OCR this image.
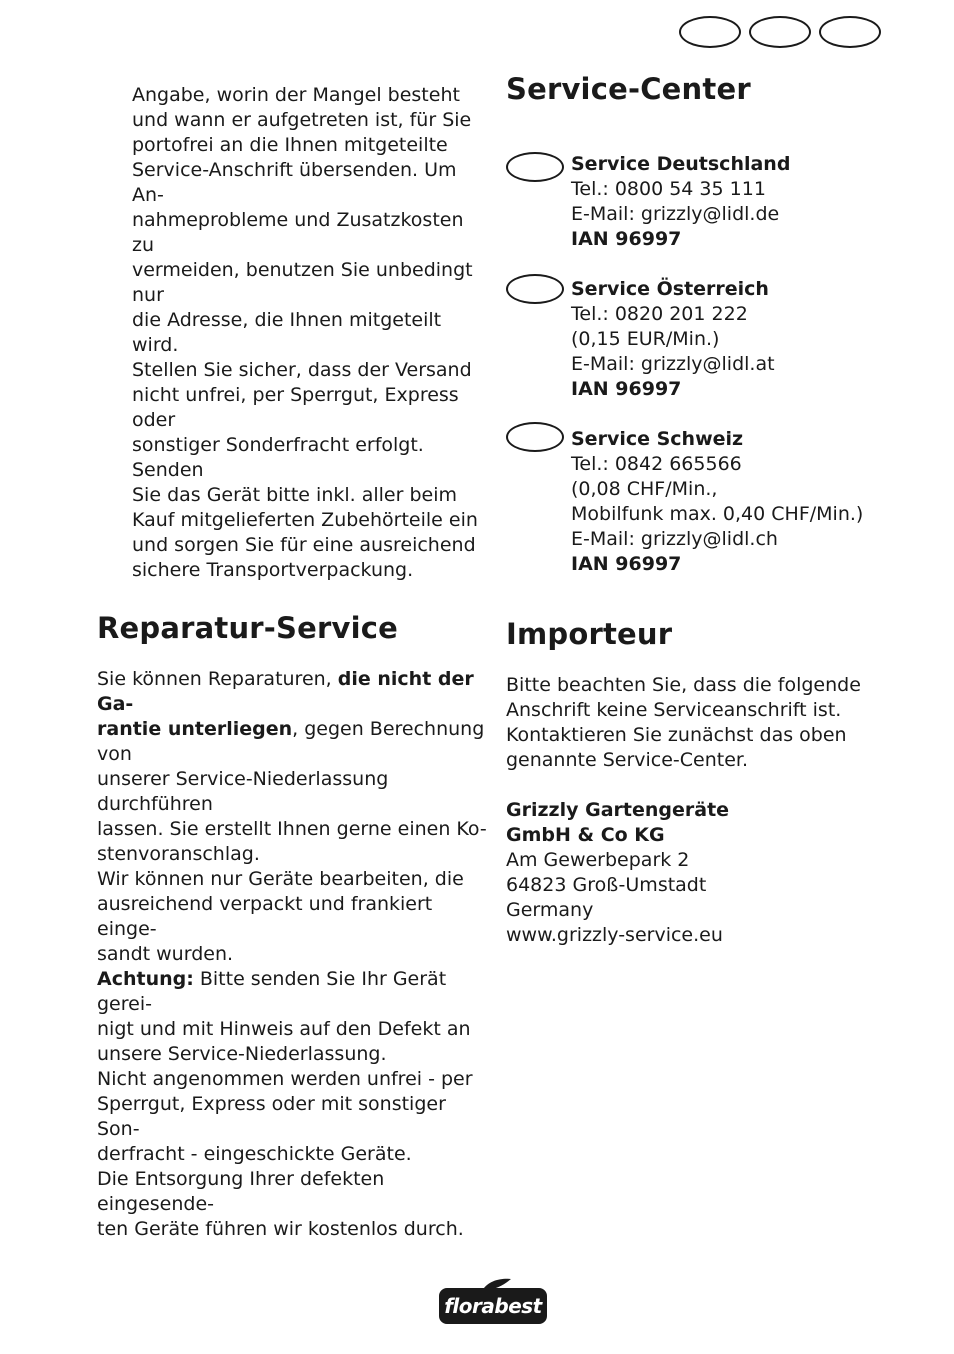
Angabe, worin der Mangel besteht
und wann er aufgetreten ist, für Sie
portofrei an die Ihnen mitgeteilte
Service-Anschrift übersenden. Um An-
nahmeprobleme und Zusatzkosten zu
vermeiden, benutzen Sie unbedingt nur
die Adresse, die Ihnen mitgeteilt wird.
Stellen Sie sicher, dass der Versand
nicht unfrei, per Sperrgut, Express oder
sonstiger Sonderfracht erfolgt. Senden
Sie das Gerät bitte inkl. aller beim
Kauf mitgelieferten Zubehörteile ein
und sorgen Sie für eine ausreichend
sichere Transportverpackung.

Reparatur-Service

Sie können Reparaturen, die nicht der Ga-
rantie unterliegen, gegen Berechnung von
unserer Service-Niederlassung durchführen
lassen. Sie erstellt Ihnen gerne einen Ko-
stenvoranschlag.
Wir können nur Geräte bearbeiten, die
ausreichend verpackt und frankiert einge-
sandt wurden.
Achtung: Bitte senden Sie Ihr Gerät gerei-
nigt und mit Hinweis auf den Defekt an
unsere Service-Niederlassung.
Nicht angenommen werden unfrei - per
Sperrgut, Express oder mit sonstiger Son-
derfracht - eingeschickte Geräte.
Die Entsorgung Ihrer defekten eingesende-
ten Geräte führen wir kostenlos durch.

Service-Center

Service Deutschland
Tel.: 0800 54 35 111
E-Mail: grizzly@lidl.de
IAN 96997

Service Österreich
Tel.: 0820 201 222
(0,15 EUR/Min.)
E-Mail: grizzly@lidl.at
IAN 96997

Service Schweiz
Tel.: 0842 665566
(0,08 CHF/Min.,
Mobilfunk max. 0,40 CHF/Min.)
E-Mail: grizzly@lidl.ch
IAN 96997

Importeur

Bitte beachten Sie, dass die folgende
Anschrift keine Serviceanschrift ist.
Kontaktieren Sie zunächst das oben
genannte Service-Center.

Grizzly Gartengeräte
GmbH & Co KG
Am Gewerbepark 2
64823 Groß-Umstadt
Germany
www.grizzly-service.eu

florabest
